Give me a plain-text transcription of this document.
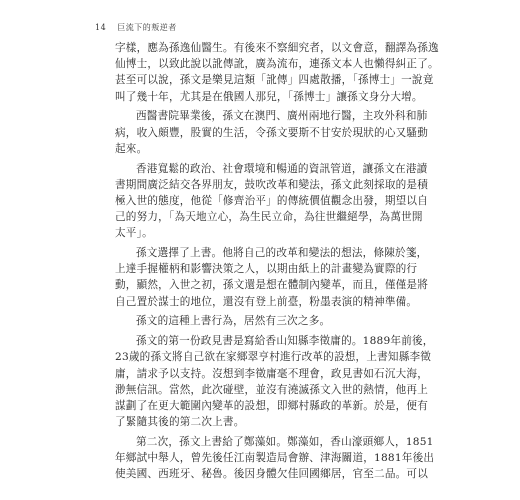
14 巨流下的叛逆者
字樣，應為孫逸仙醫生。有後來不察細究者，以文會意，翻譯為孫逸
仙博士，以致此說以訛傳訛，廣為流布，連孫文本人也懶得糾正了。
甚至可以說，孫文是樂見這類「訛傳」四處散播，「孫博士」一說竟
叫了幾十年，尤其是在俄國人那兒，「孫博士」讓孫文身分大增。
西醫書院畢業後，孫文在澳門、廣州兩地行醫，主攻外科和肺
病，收入頗豐，股實的生活，令孫文要斯不甘安於現狀的心又騷動
起來。
香港寬鬆的政治、社會環境和暢通的資訊管道，讓孫文在港讀
書期間廣泛結交各界朋友，鼓吹改革和變法，孫文此刻採取的是積
極入世的態度，他從「修齊治平」的傳統價值觀念出發，期望以自
己的努力，「為天地立心，為生民立命，為往世繼絕學，為萬世開
太平」。
孫文選擇了上書。他將自己的改革和變法的想法，條陳於箋，
上達手握權柄和影響決策之人，以期由紙上的計畫變為實際的行
動，顯然，入世之初，孫文還是想在體制內變革，而且，僅僅是將
自己置於謀士的地位，還沒有登上前臺，粉墨表演的精神準備。
孫文的這種上書行為，居然有三次之多。
孫文的第一份政見書是寫給香山知縣李徵庸的。1889年前後，
23歲的孫文將自己欲在家鄉翠亨村進行改革的設想，上書知縣李徵
庸，請求予以支持。沒想到李徵庸毫不理會，政見書如石沉大海，
渺無信訊。當然，此次碰壁，並沒有澆滅孫文入世的熱情，他再上
謀劃了在更大範圍內變革的設想，即鄉村縣政的革新。於是，便有
了緊隨其後的第二次上書。
第二次，孫文上書給了鄭藻如。鄭藻如，香山濠頭鄉人，1851
年鄉試中舉人，曾先後任江南製造局會辦、津海關道，1881年後出
使美國、西班牙、秘魯。後因身體欠佳回國鄉居，官至二品。可以
